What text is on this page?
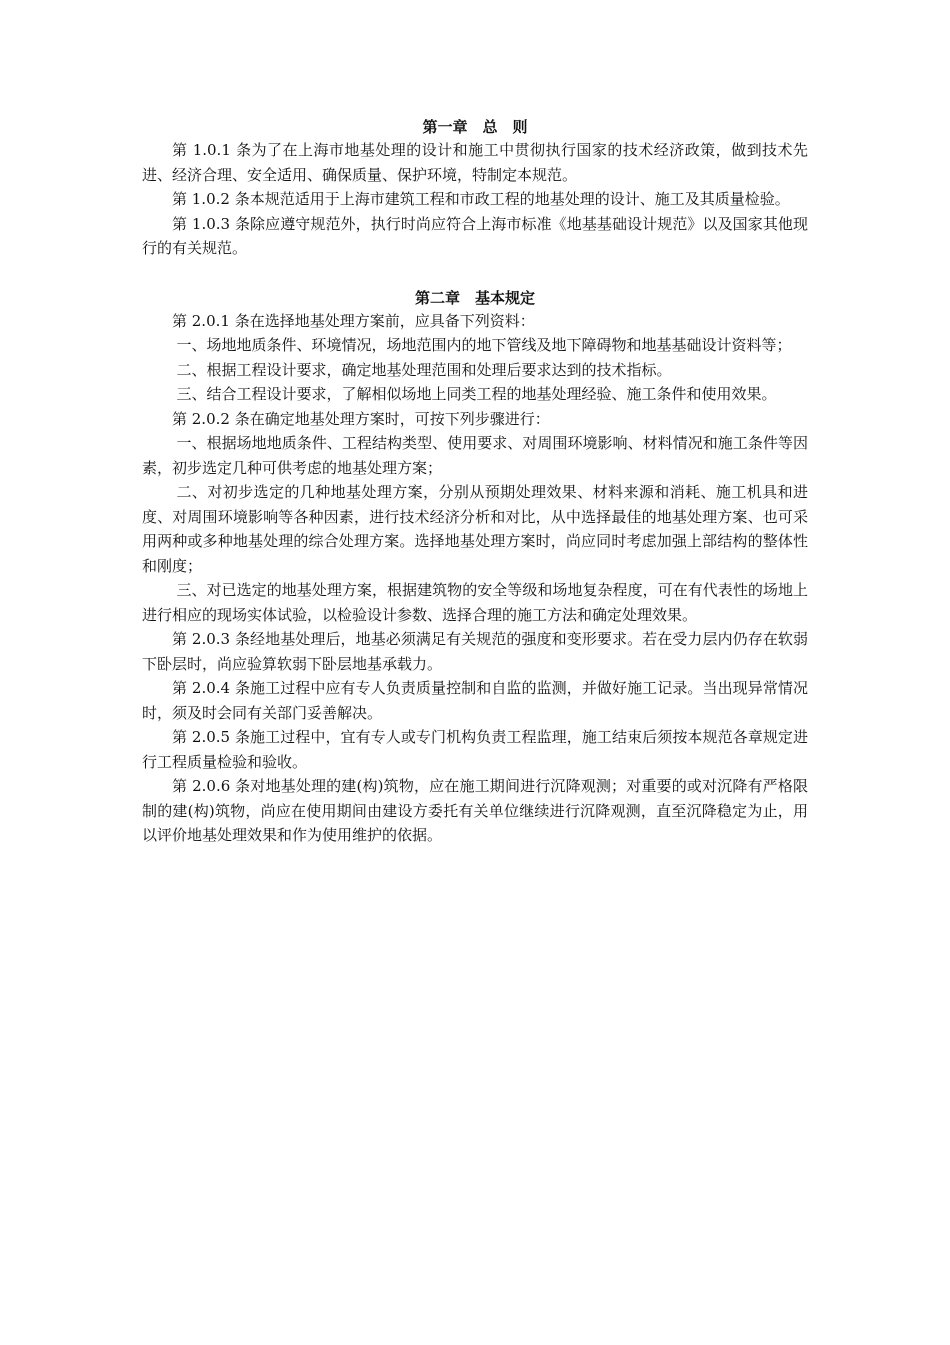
第一章　总　则

第 1.0.1 条为了在上海市地基处理的设计和施工中贯彻执行国家的技术经济政策，做到技术先进、经济合理、安全适用、确保质量、保护环境，特制定本规范。

第 1.0.2 条本规范适用于上海市建筑工程和市政工程的地基处理的设计、施工及其质量检验。

第 1.0.3 条除应遵守规范外，执行时尚应符合上海市标准《地基基础设计规范》以及国家其他现行的有关规范。

第二章　基本规定

第 2.0.1 条在选择地基处理方案前，应具备下列资料：

一、场地地质条件、环境情况，场地范围内的地下管线及地下障碍物和地基基础设计资料等；

二、根据工程设计要求，确定地基处理范围和处理后要求达到的技术指标。

三、结合工程设计要求，了解相似场地上同类工程的地基处理经验、施工条件和使用效果。

第 2.0.2 条在确定地基处理方案时，可按下列步骤进行：

一、根据场地地质条件、工程结构类型、使用要求、对周围环境影响、材料情况和施工条件等因素，初步选定几种可供考虑的地基处理方案；

二、对初步选定的几种地基处理方案，分别从预期处理效果、材料来源和消耗、施工机具和进度、对周围环境影响等各种因素，进行技术经济分析和对比，从中选择最佳的地基处理方案、也可采用两种或多种地基处理的综合处理方案。选择地基处理方案时，尚应同时考虑加强上部结构的整体性和刚度；

三、对已选定的地基处理方案，根据建筑物的安全等级和场地复杂程度，可在有代表性的场地上进行相应的现场实体试验，以检验设计参数、选择合理的施工方法和确定处理效果。

第 2.0.3 条经地基处理后，地基必须满足有关规范的强度和变形要求。若在受力层内仍存在软弱下卧层时，尚应验算软弱下卧层地基承载力。

第 2.0.4 条施工过程中应有专人负责质量控制和自监的监测，并做好施工记录。当出现异常情况时，须及时会同有关部门妥善解决。

第 2.0.5 条施工过程中，宜有专人或专门机构负责工程监理，施工结束后须按本规范各章规定进行工程质量检验和验收。

第 2.0.6 条对地基处理的建(构)筑物，应在施工期间进行沉降观测；对重要的或对沉降有严格限制的建(构)筑物，尚应在使用期间由建设方委托有关单位继续进行沉降观测，直至沉降稳定为止，用以评价地基处理效果和作为使用维护的依据。
